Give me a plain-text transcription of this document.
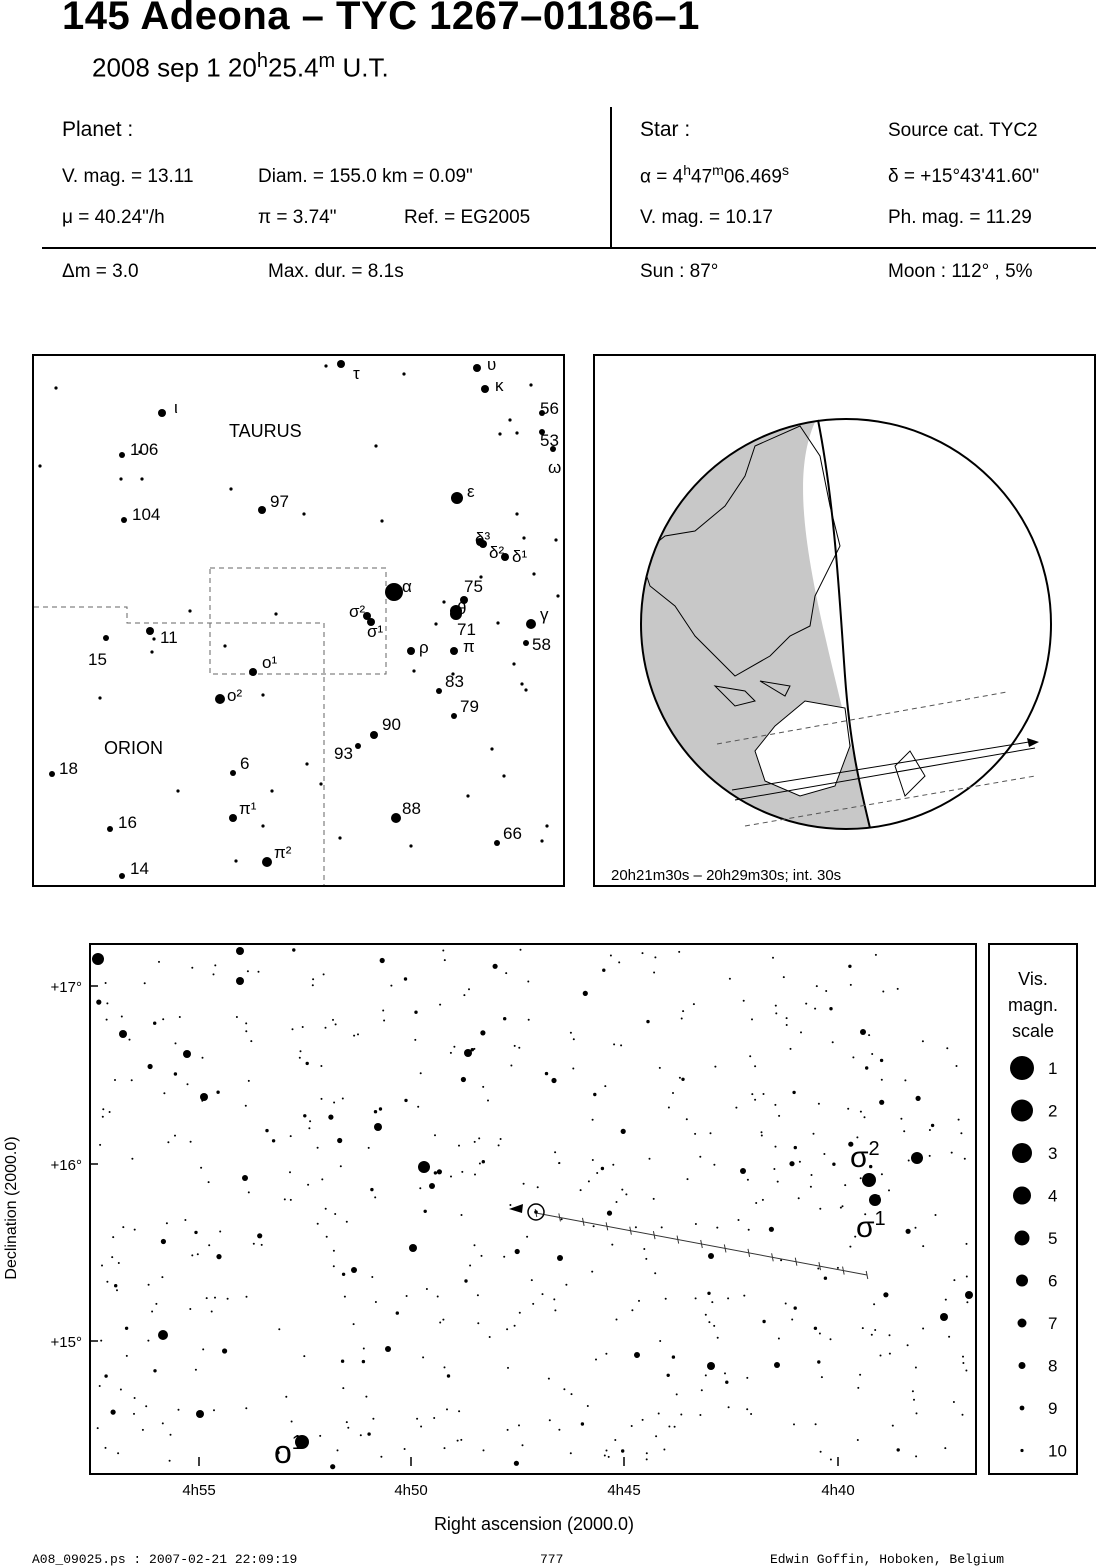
145 Adeona – TYC 1267–01186–1
2008 sep 1 20$^h$25.4$^m$ U.T.
Planet :
V. mag. = 13.11	Diam. = 155.0 km = 0.09"
μ = 40.24"/h	π = 3.74"	Ref. = EG2005
Star :	Source cat. TYC2
$\alpha = 4^h47^m06.469^s$	δ = +15°43'41.60"
V. mag. = 10.17	Ph. mag. = 11.29
Δm = 3.0	Max. dur. = 8.1s	Sun : 87°	Moon : 112° , 5%
τ	υ
κ
56
53
ω
ι
106
104
97
ε
δ³
δ² δ¹
α	75
σ²
σ¹
θ
71
γ
15
11
ρ π	58
ο¹
ο²
83
79
90
93
18	6
π¹	88
16
66
π²
14
TAURUS
ORION
20h21m30s – 20h29m30s; int. 30s
$\sigma^2$
$\sigma^1$
$o^1$
+17°
+16°
+15°
4h55	4h50	4h45	4h40
Right ascension (2000.0)
Declination (2000.0)
Vis.
magn.
scale
1
2
3
4
5
6
7
8
9
10
A08_09025.ps : 2007-02-21 22:09:19	777	Edwin Goffin, Hoboken, Belgium
